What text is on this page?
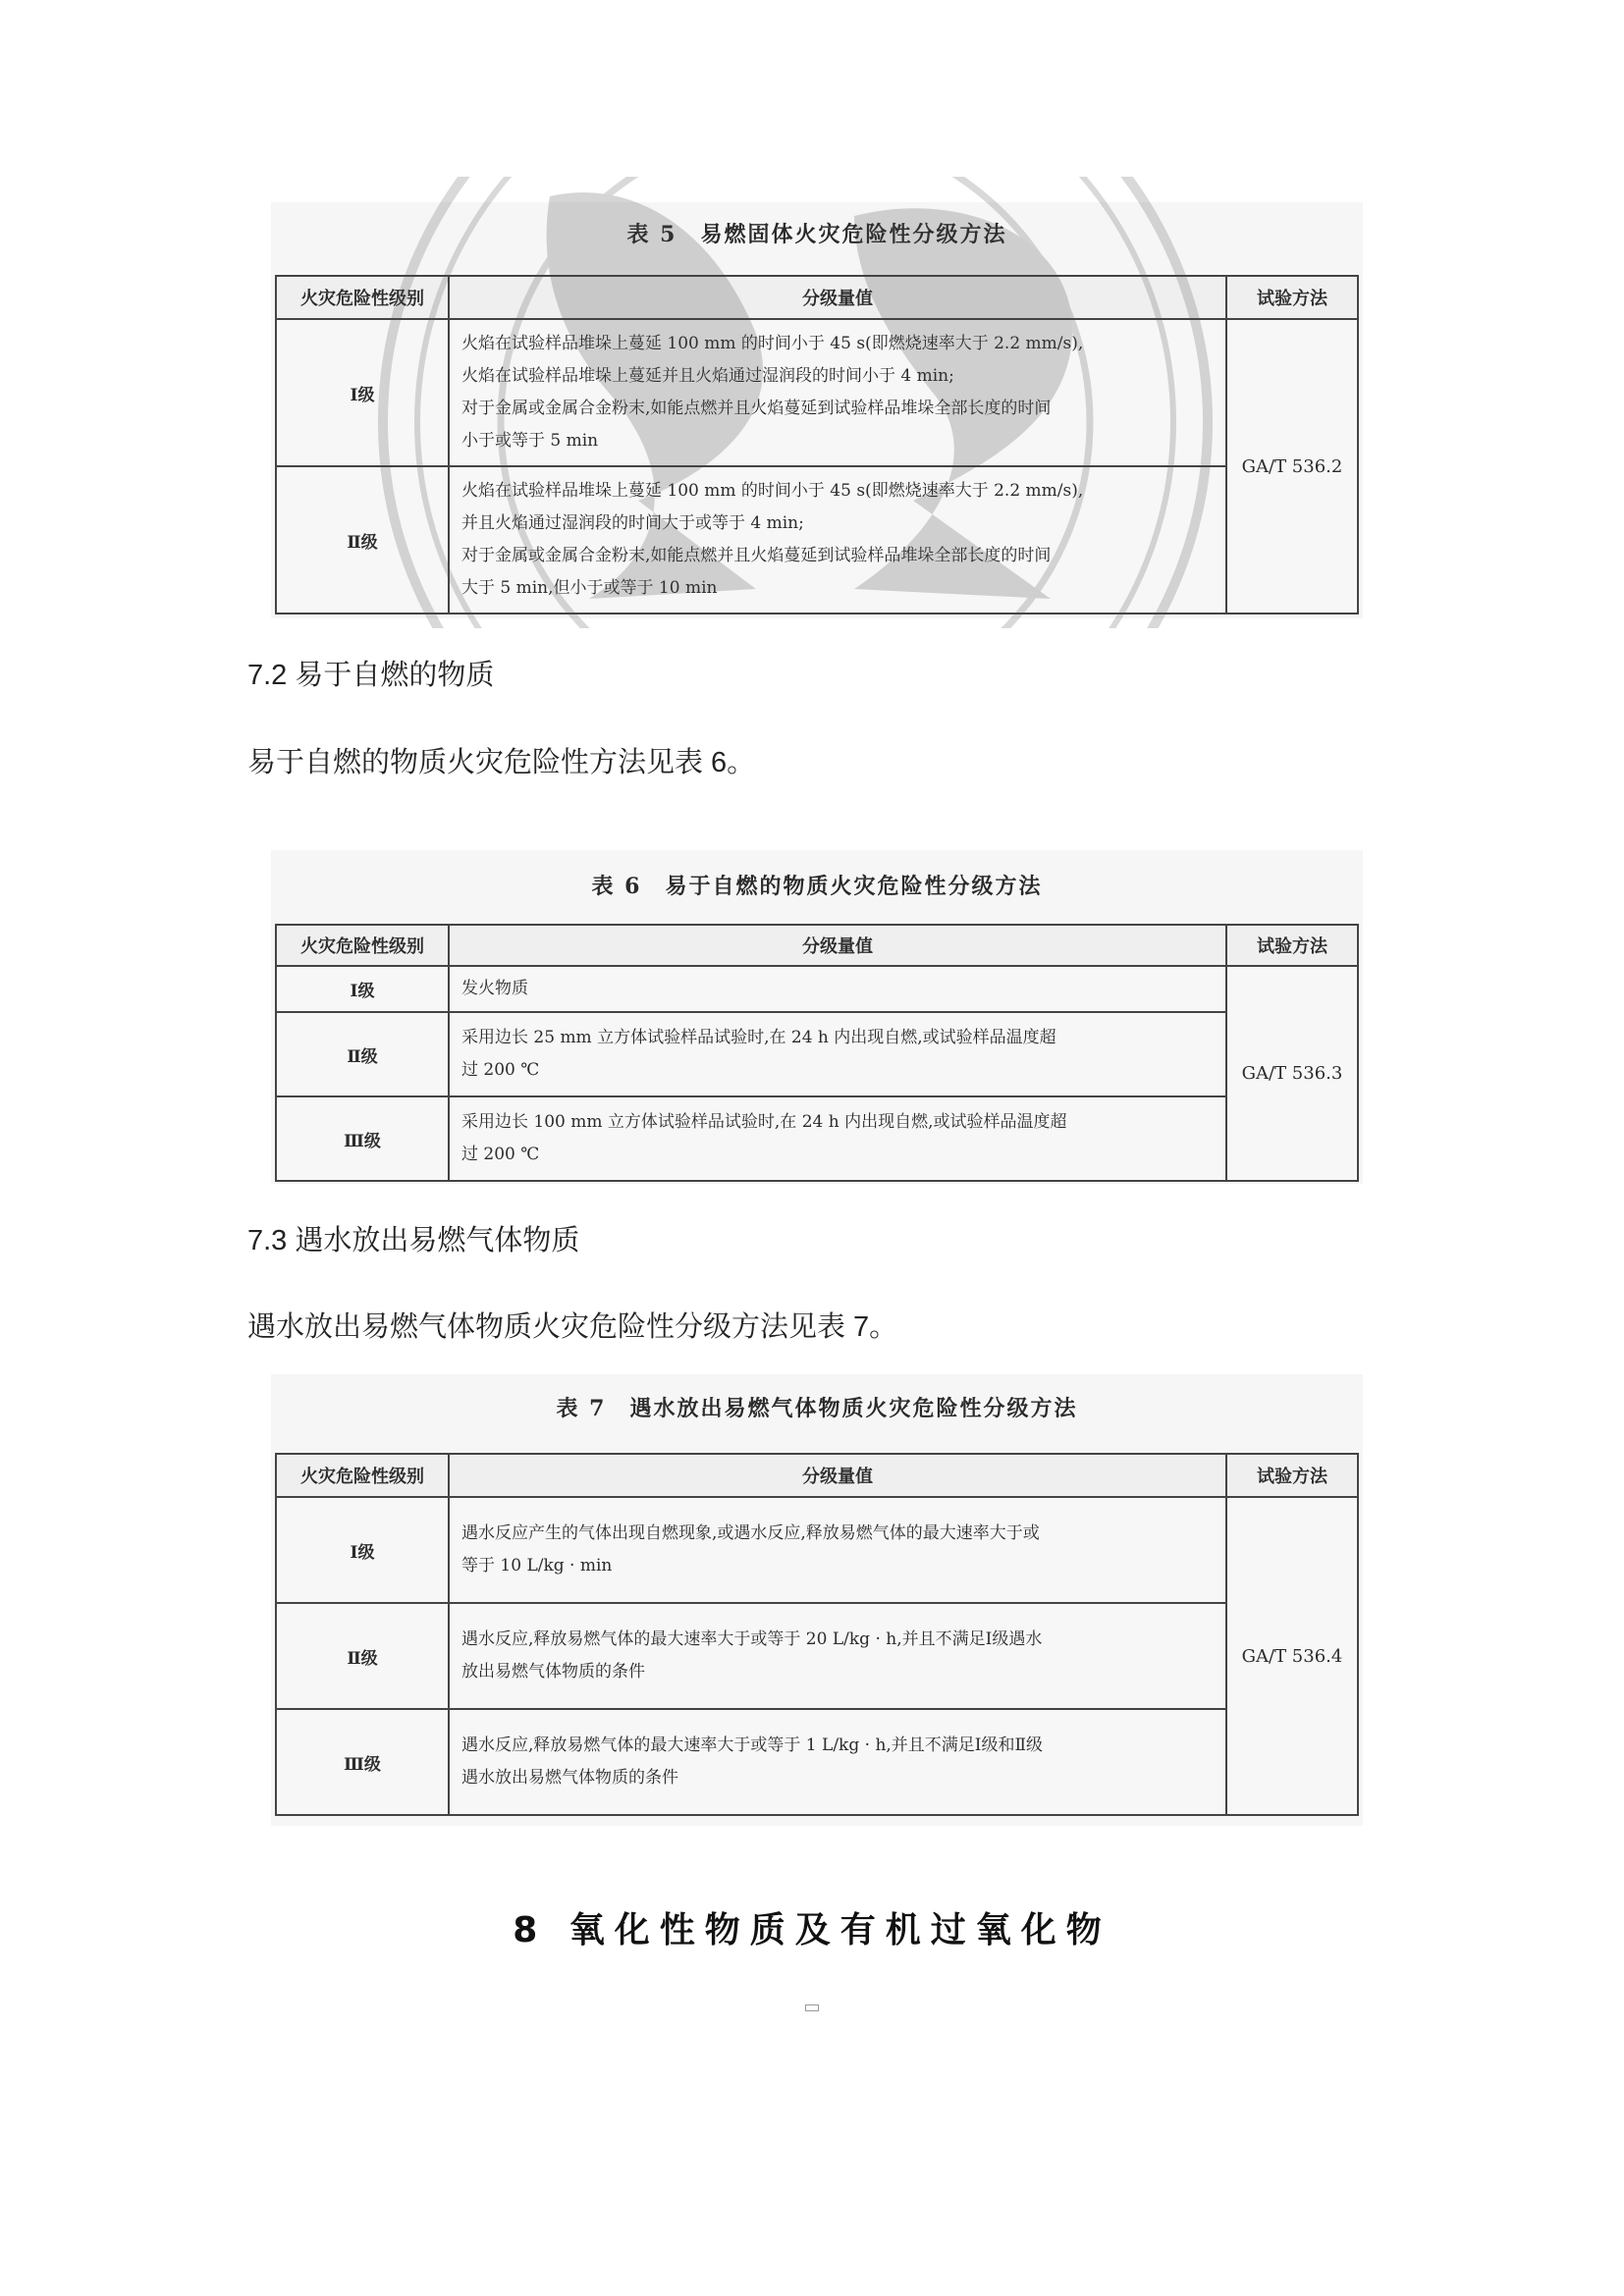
表 5　易燃固体火灾危险性分级方法
火灾危险性级别	分级量值	试验方法
Ⅰ级	火焰在试验样品堆垛上蔓延 100 mm 的时间小于 45 s(即燃烧速率大于 2.2 mm/s),
火焰在试验样品堆垛上蔓延并且火焰通过湿润段的时间小于 4 min;
对于金属或金属合金粉末,如能点燃并且火焰蔓延到试验样品堆垛全部长度的时间
小于或等于 5 min	GA/T 536.2
Ⅱ级	火焰在试验样品堆垛上蔓延 100 mm 的时间小于 45 s(即燃烧速率大于 2.2 mm/s),
并且火焰通过湿润段的时间大于或等于 4 min;
对于金属或金属合金粉末,如能点燃并且火焰蔓延到试验样品堆垛全部长度的时间
大于 5 min,但小于或等于 10 min	
7.2 易于自燃的物质
易于自燃的物质火灾危险性方法见表 6。
表 6　易于自燃的物质火灾危险性分级方法
火灾危险性级别	分级量值	试验方法
Ⅰ级	发火物质	GA/T 536.3
Ⅱ级	采用边长 25 mm 立方体试验样品试验时,在 24 h 内出现自燃,或试验样品温度超
过 200 ℃	

Ⅲ级	采用边长 100 mm 立方体试验样品试验时,在 24 h 内出现自燃,或试验样品温度超
过 200 ℃	
7.3 遇水放出易燃气体物质
遇水放出易燃气体物质火灾危险性分级方法见表 7。
表 7　遇水放出易燃气体物质火灾危险性分级方法
火灾危险性级别	分级量值	试验方法
Ⅰ级	遇水反应产生的气体出现自燃现象,或遇水反应,释放易燃气体的最大速率大于或
等于 10 L/kg · min	GA/T 536.4
Ⅱ级	遇水反应,释放易燃气体的最大速率大于或等于 20 L/kg · h,并且不满足Ⅰ级遇水
放出易燃气体物质的条件	

Ⅲ级	遇水反应,释放易燃气体的最大速率大于或等于 1 L/kg · h,并且不满足Ⅰ级和Ⅱ级
遇水放出易燃气体物质的条件	
8 氧化性物质及有机过氧化物
